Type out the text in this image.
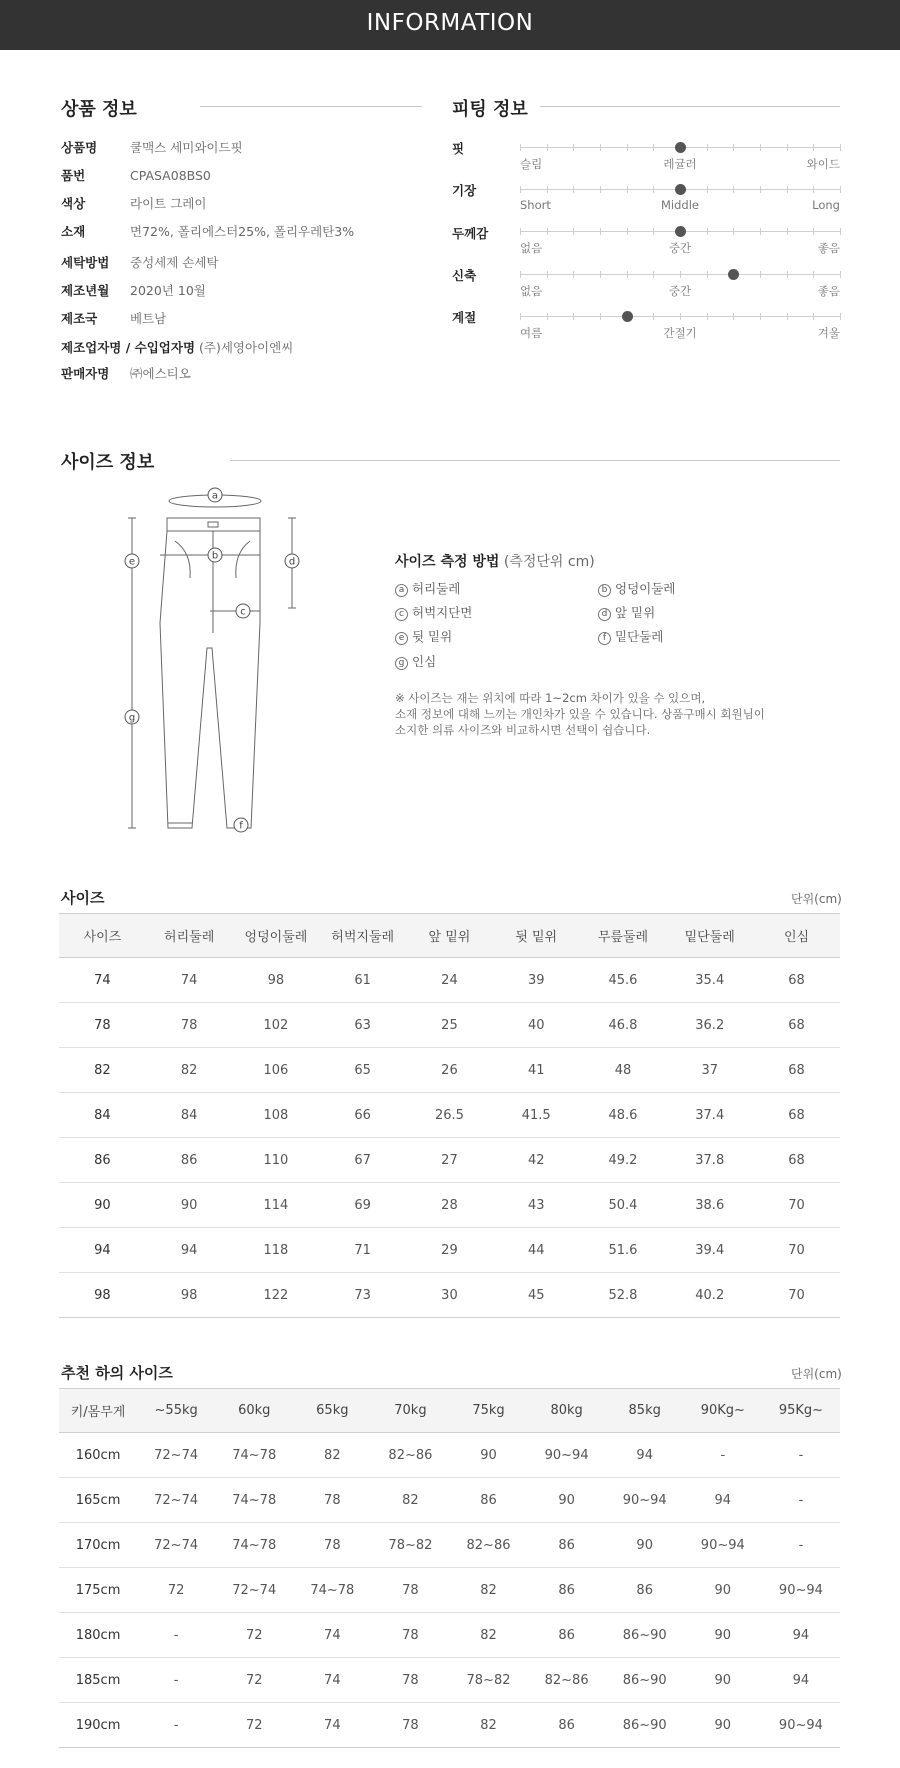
INFORMATION
상품 정보
상품명	쿨맥스 세미와이드핏
품번	CPASA08BS0
색상	라이트 그레이
소재	면72%, 폴리에스터25%, 폴리우레탄3%
세탁방법 중성세제 손세탁
제조년월 2020년 10월
제조국	베트남
제조업자명 / 수입업자명 (주)세영아이엔씨
판매자명 ㈜에스티오
피팅 정보
핏
슬림	레귤러	와이드
기장
Short	Middle	Long
두께감
없음	중간	좋음
신축
없음	중간	좋음
계절
여름	간절기	겨울
사이즈 정보
a
b
c
d
e
f
g
사이즈 측정 방법 (측정단위 cm)
a 허리둘레	b 엉덩이둘레
c 허벅지단면	d 앞 밑위
e 뒷 밑위	f 밑단둘레
g 인심
※ 사이즈는 재는 위치에 따라 1~2cm 차이가 있을 수 있으며,
소재 정보에 대해 느끼는 개인차가 있을 수 있습니다. 상품구매시 회원님이
소지한 의류 사이즈와 비교하시면 선택이 쉽습니다.
사이즈	단위(cm)
사이즈	허리둘레	엉덩이둘레	허벅지둘레	앞 밑위	뒷 밑위	무릎둘레	밑단둘레	인심
74	74	98	61	24	39	45.6	35.4	68
78	78	102	63	25	40	46.8	36.2	68
82	82	106	65	26	41	48	37	68
84	84	108	66	26.5	41.5	48.6	37.4	68
86	86	110	67	27	42	49.2	37.8	68
90	90	114	69	28	43	50.4	38.6	70
94	94	118	71	29	44	51.6	39.4	70
98	98	122	73	30	45	52.8	40.2	70
추천 하의 사이즈	단위(cm)
키/몸무게	~55kg	60kg	65kg	70kg	75kg	80kg	85kg	90Kg~	95Kg~
160cm	72~74	74~78	82	82~86	90	90~94	94	-	-
165cm	72~74	74~78	78	82	86	90	90~94	94	-
170cm	72~74	74~78	78	78~82	82~86	86	90	90~94	-
175cm	72	72~74	74~78	78	82	86	86	90	90~94
180cm	-	72	74	78	82	86	86~90	90	94
185cm	-	72	74	78	78~82	82~86	86~90	90	94
190cm	-	72	74	78	82	86	86~90	90	90~94
